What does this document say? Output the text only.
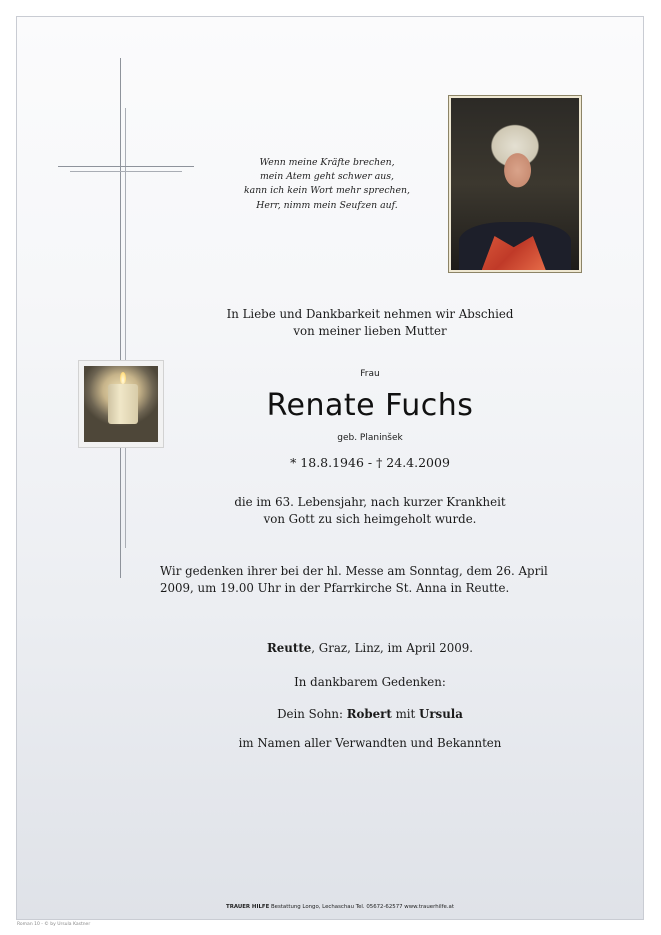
Wenn meine Kräfte brechen,
mein Atem geht schwer aus,
kann ich kein Wort mehr sprechen,
Herr, nimm mein Seufzen auf.
In Liebe und Dankbarkeit nehmen wir Abschied
von meiner lieben Mutter
Frau
Renate Fuchs
geb. Planinšek
* 18.8.1946 - † 24.4.2009
die im 63. Lebensjahr, nach kurzer Krankheit
von Gott zu sich heimgeholt wurde.
Wir gedenken ihrer bei der hl. Messe am Sonntag, dem 26. April 2009, um 19.00 Uhr in der Pfarrkirche St. Anna in Reutte.
Reutte, Graz, Linz, im April 2009.
In dankbarem Gedenken:
Dein Sohn: Robert mit Ursula
im Namen aller Verwandten und Bekannten
TRAUER HILFE Bestattung Longo, Lechaschau Tel. 05672-62577 www.trauerhilfe.at
Roman 10 - © by Ursula Kastner
